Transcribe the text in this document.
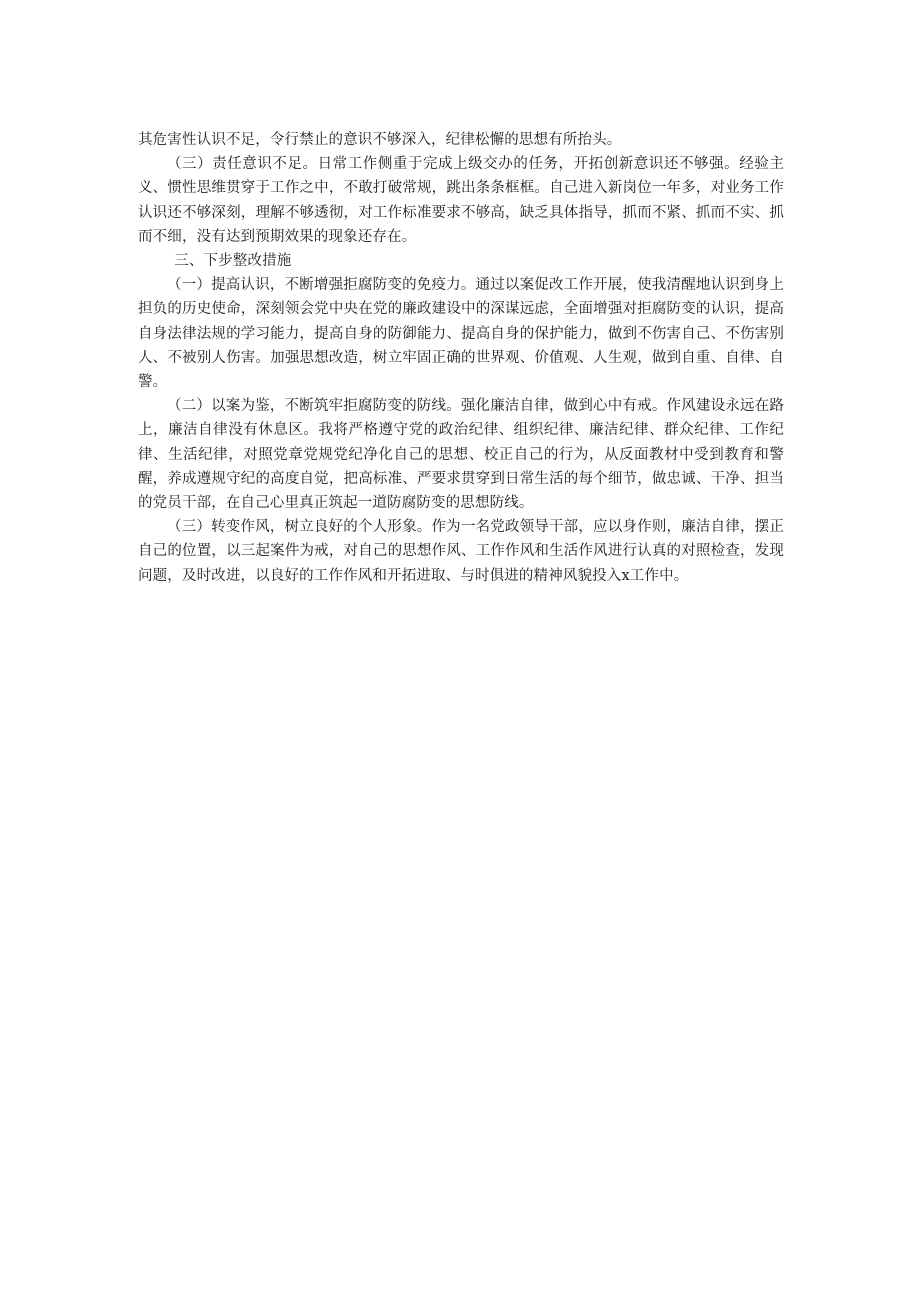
其危害性认识不足，令行禁止的意识不够深入，纪律松懈的思想有所抬头。

（三）责任意识不足。日常工作侧重于完成上级交办的任务，开拓创新意识还不够强。经验主义、惯性思维贯穿于工作之中，不敢打破常规，跳出条条框框。自己进入新岗位一年多，对业务工作认识还不够深刻，理解不够透彻，对工作标准要求不够高，缺乏具体指导，抓而不紧、抓而不实、抓而不细，没有达到预期效果的现象还存在。

三、下步整改措施

（一）提高认识，不断增强拒腐防变的免疫力。通过以案促改工作开展，使我清醒地认识到身上担负的历史使命，深刻领会党中央在党的廉政建设中的深谋远虑，全面增强对拒腐防变的认识，提高自身法律法规的学习能力，提高自身的防御能力、提高自身的保护能力，做到不伤害自己、不伤害别人、不被别人伤害。加强思想改造，树立牢固正确的世界观、价值观、人生观，做到自重、自律、自警。

（二）以案为鉴，不断筑牢拒腐防变的防线。强化廉洁自律，做到心中有戒。作风建设永远在路上，廉洁自律没有休息区。我将严格遵守党的政治纪律、组织纪律、廉洁纪律、群众纪律、工作纪律、生活纪律，对照党章党规党纪净化自己的思想、校正自己的行为，从反面教材中受到教育和警醒，养成遵规守纪的高度自觉，把高标准、严要求贯穿到日常生活的每个细节，做忠诚、干净、担当的党员干部，在自己心里真正筑起一道防腐防变的思想防线。

（三）转变作风，树立良好的个人形象。作为一名党政领导干部，应以身作则，廉洁自律，摆正自己的位置，以三起案件为戒，对自己的思想作风、工作作风和生活作风进行认真的对照检查，发现问题，及时改进，以良好的工作作风和开拓进取、与时俱进的精神风貌投入x工作中。
